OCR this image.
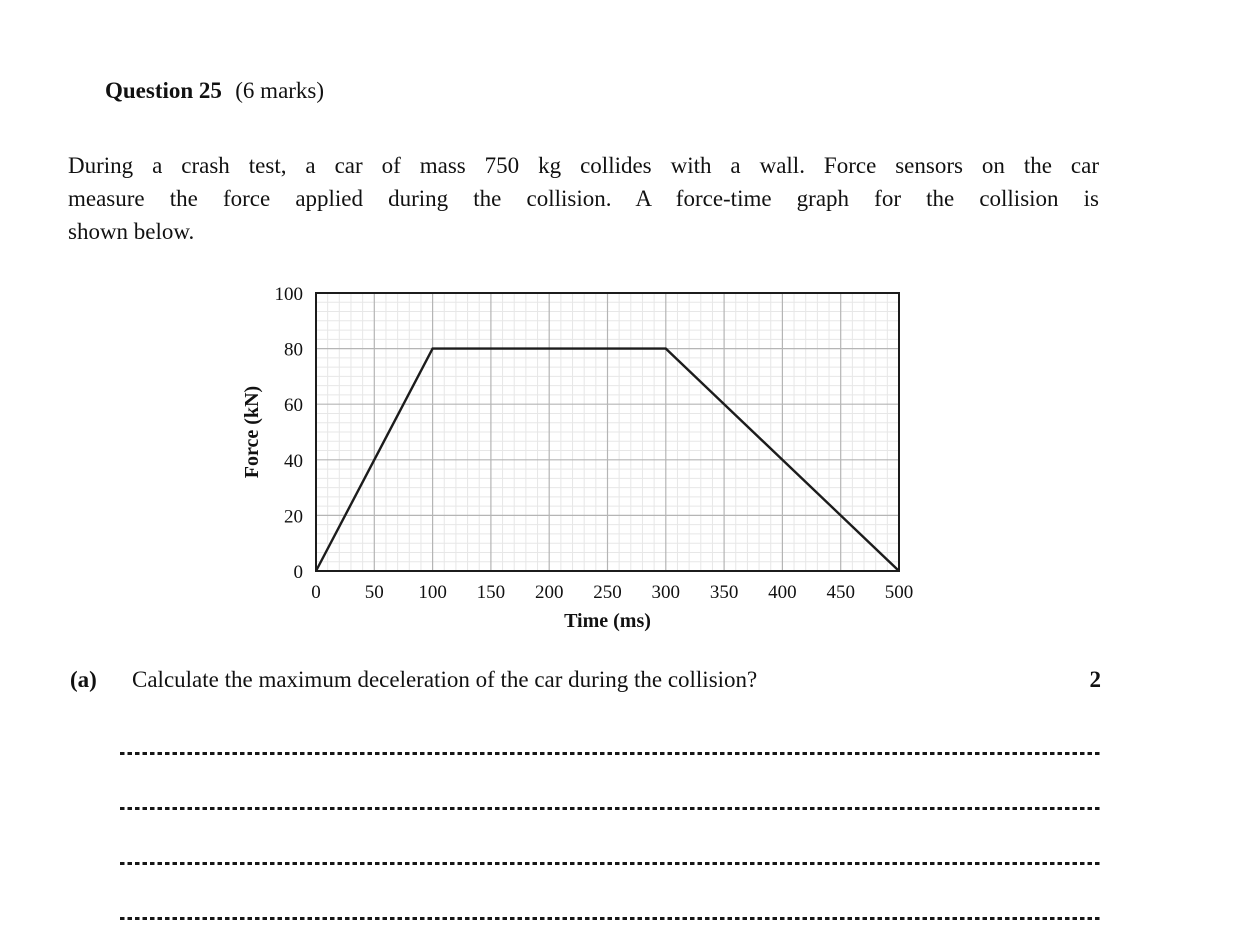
Question 25 (6 marks)
During a crash test, a car of mass 750 kg collides with a wall. Force sensors on the car
measure the force applied during the collision. A force-time graph for the collision is
shown below.
0 50 100 150 200 250 300 350 400 450 500
0
20
40
60
80
100
Time (ms)
Force (kN)
(a)	Calculate the maximum deceleration of the car during the collision?	2
